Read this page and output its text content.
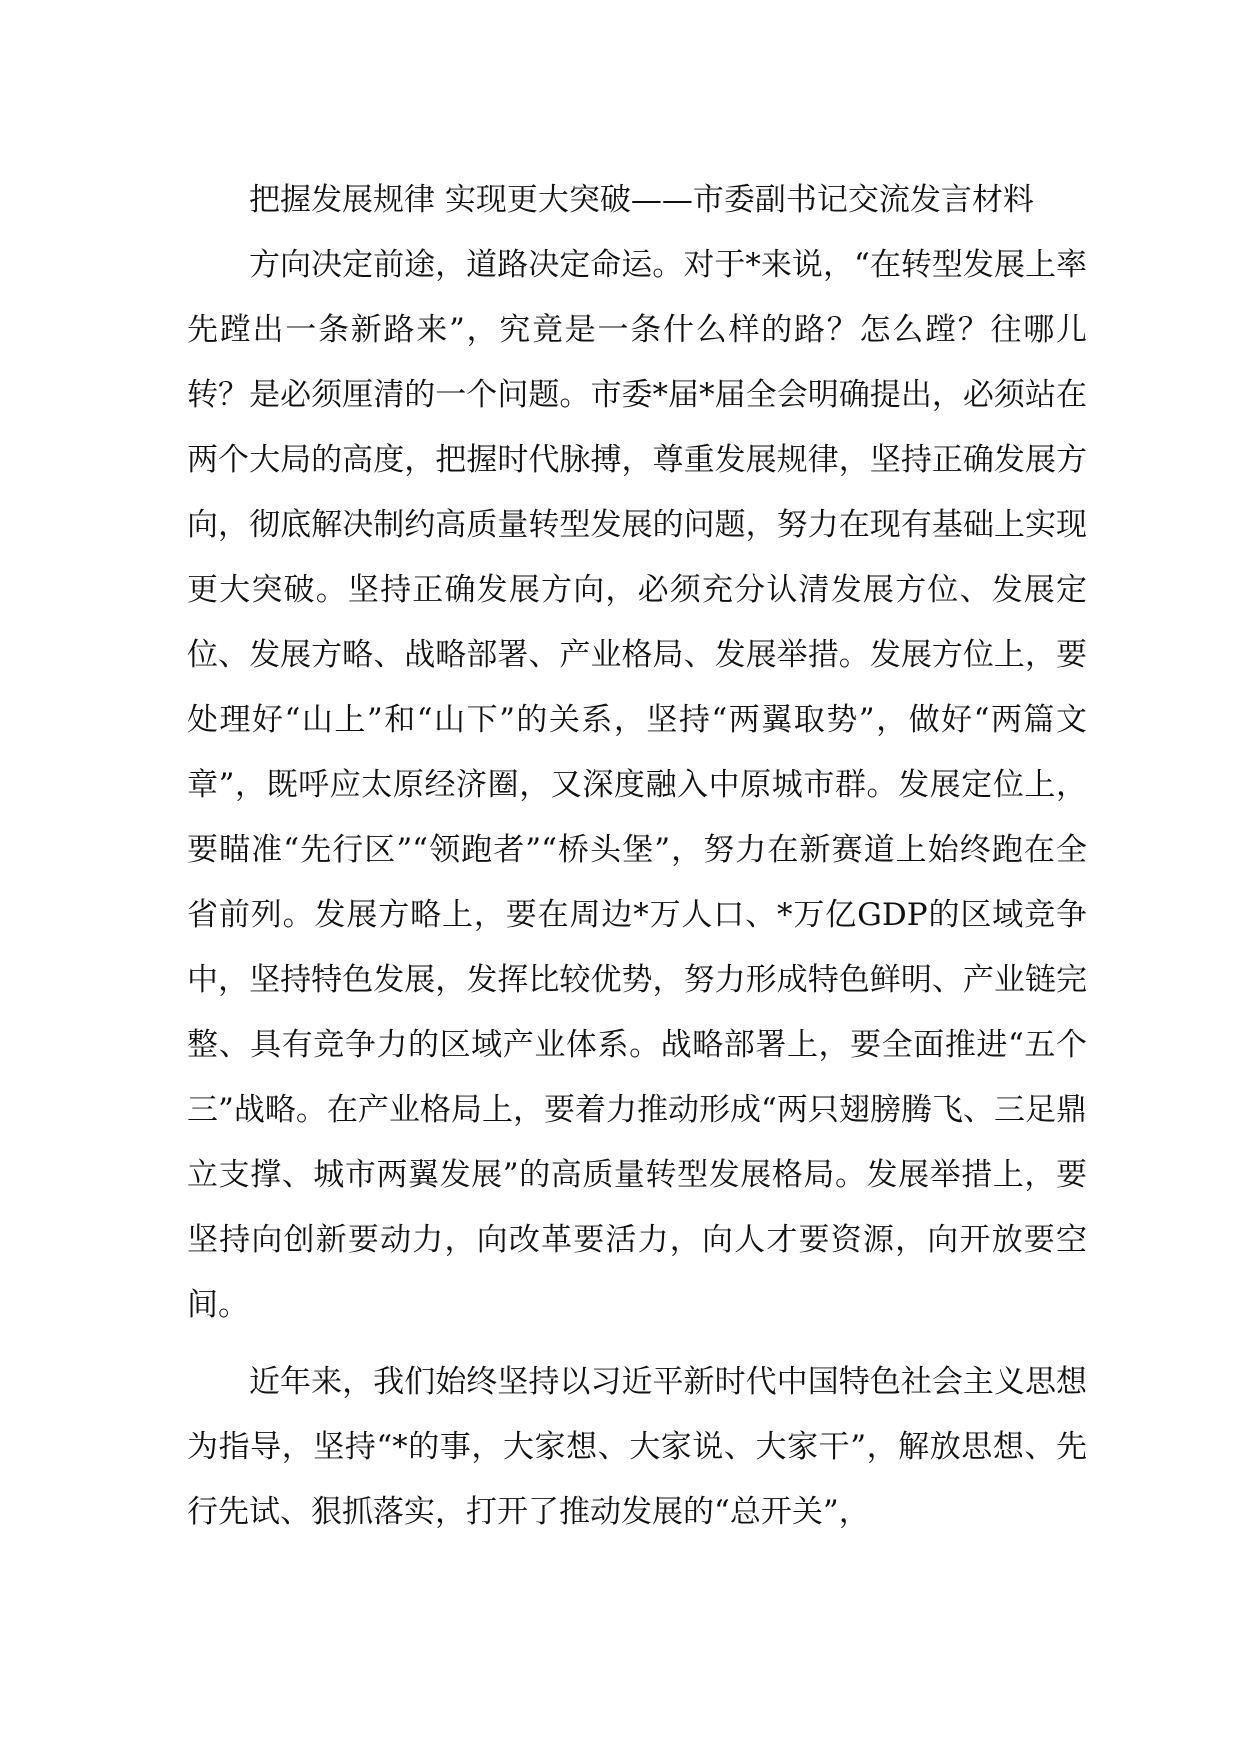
把握发展规律 实现更大突破——市委副书记交流发言材料

方向决定前途，道路决定命运。对于*来说，“在转型发展上率先蹚出一条新路来”，究竟是一条什么样的路？怎么蹚？往哪儿转？是必须厘清的一个问题。市委*届*届全会明确提出，必须站在两个大局的高度，把握时代脉搏，尊重发展规律，坚持正确发展方向，彻底解决制约高质量转型发展的问题，努力在现有基础上实现更大突破。坚持正确发展方向，必须充分认清发展方位、发展定位、发展方略、战略部署、产业格局、发展举措。发展方位上，要处理好“山上”和“山下”的关系，坚持“两翼取势”，做好“两篇文章”，既呼应太原经济圈，又深度融入中原城市群。发展定位上，要瞄准“先行区”“领跑者”“桥头堡”，努力在新赛道上始终跑在全省前列。发展方略上，要在周边*万人口、*万亿GDP的区域竞争中，坚持特色发展，发挥比较优势，努力形成特色鲜明、产业链完整、具有竞争力的区域产业体系。战略部署上，要全面推进“五个三”战略。在产业格局上，要着力推动形成“两只翅膀腾飞、三足鼎立支撑、城市两翼发展”的高质量转型发展格局。发展举措上，要坚持向创新要动力，向改革要活力，向人才要资源，向开放要空间。

近年来，我们始终坚持以习近平新时代中国特色社会主义思想为指导，坚持“*的事，大家想、大家说、大家干”，解放思想、先行先试、狠抓落实，打开了推动发展的“总开关”，
